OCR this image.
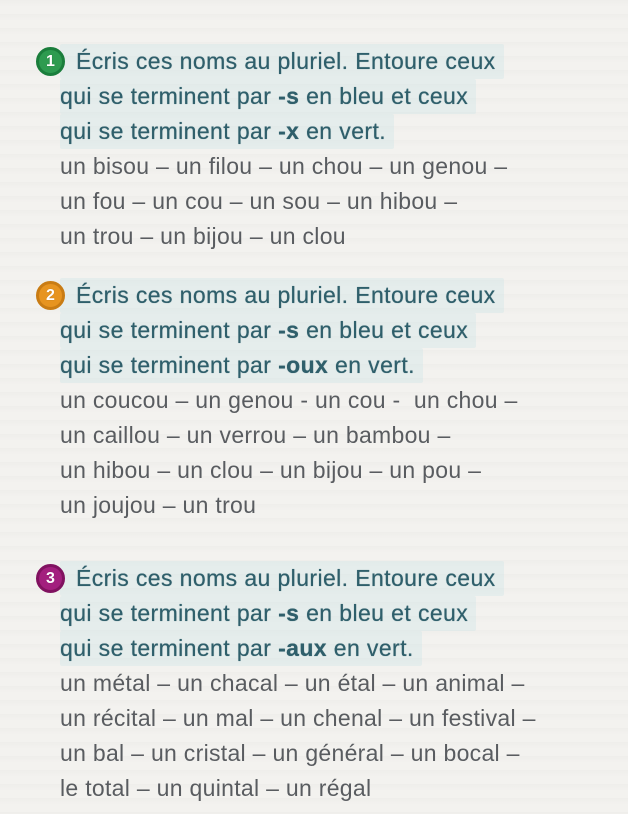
1 Écris ces noms au pluriel. Entoure ceux
qui se terminent par -s en bleu et ceux
qui se terminent par -x en vert.

un bisou – un filou – un chou – un genou –
un fou – un cou – un sou – un hibou –
un trou – un bijou – un clou

2 Écris ces noms au pluriel. Entoure ceux
qui se terminent par -s en bleu et ceux
qui se terminent par -oux en vert.

un coucou – un genou - un cou -  un chou –
un caillou – un verrou – un bambou –
un hibou – un clou – un bijou – un pou –
un joujou – un trou

3 Écris ces noms au pluriel. Entoure ceux
qui se terminent par -s en bleu et ceux
qui se terminent par -aux en vert.

un métal – un chacal – un étal – un animal –
un récital – un mal – un chenal – un festival –
un bal – un cristal – un général – un bocal –
le total – un quintal – un régal
